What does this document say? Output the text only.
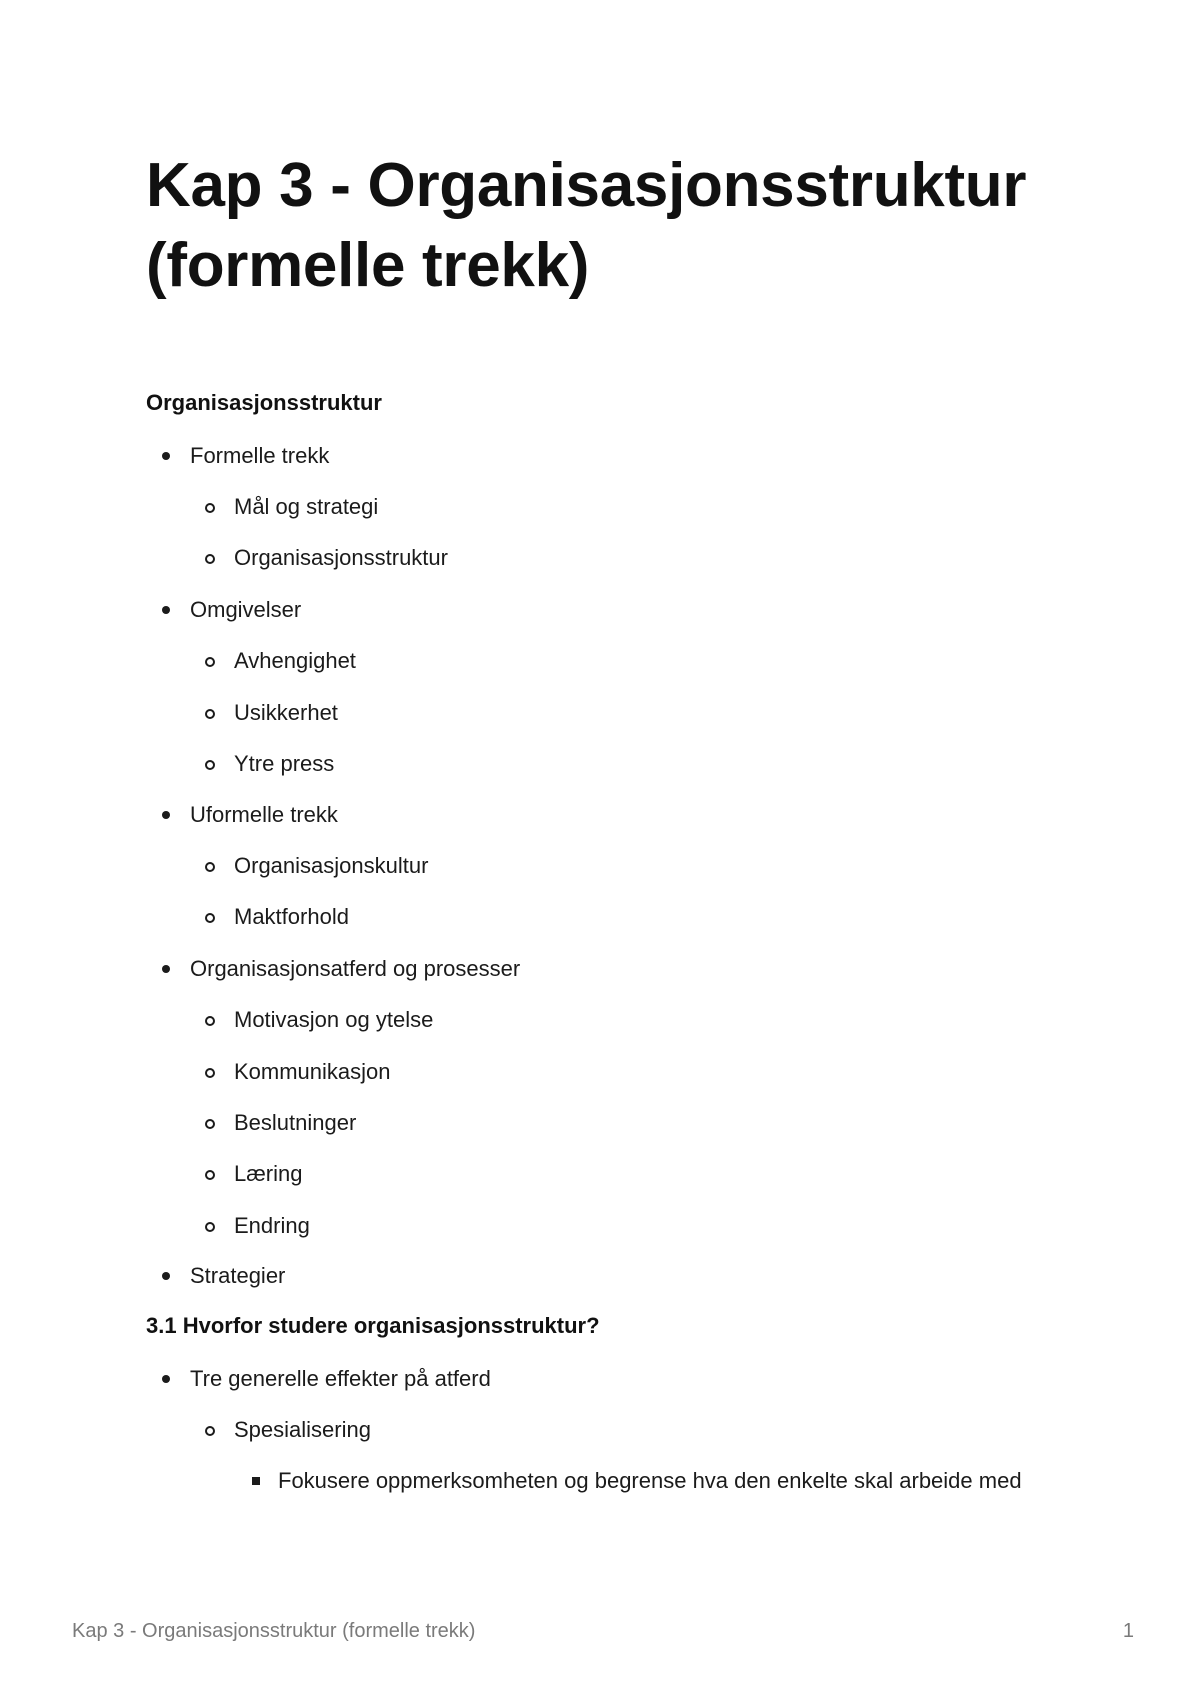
Kap 3 - Organisasjonsstruktur (formelle trekk)
Organisasjonsstruktur
Formelle trekk
Mål og strategi
Organisasjonsstruktur
Omgivelser
Avhengighet
Usikkerhet
Ytre press
Uformelle trekk
Organisasjonskultur
Maktforhold
Organisasjonsatferd og prosesser
Motivasjon og ytelse
Kommunikasjon
Beslutninger
Læring
Endring
Strategier
3.1 Hvorfor studere organisasjonsstruktur?
Tre generelle effekter på atferd
Spesialisering
Fokusere oppmerksomheten og begrense hva den enkelte skal arbeide med
Kap 3 - Organisasjonsstruktur (formelle trekk)	1
